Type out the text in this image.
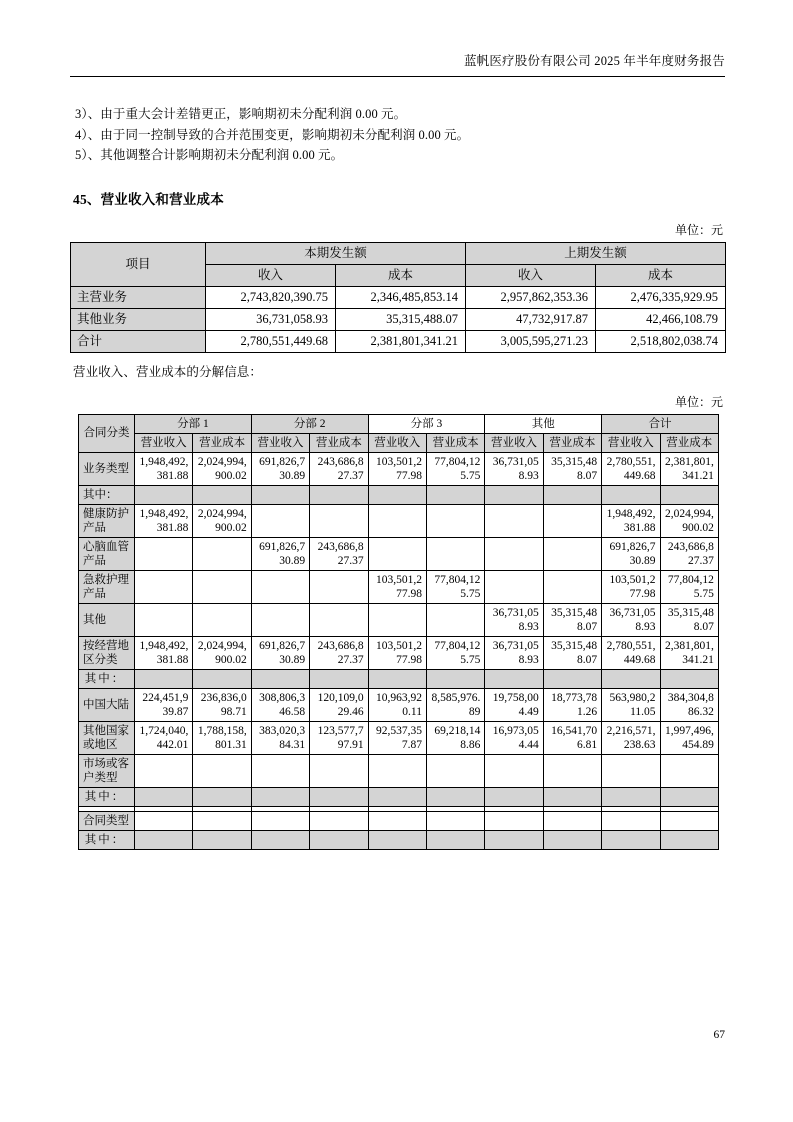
蓝帆医疗股份有限公司 2025 年半年度财务报告

3）、由于重大会计差错更正，影响期初未分配利润 0.00 元。

4）、由于同一控制导致的合并范围变更，影响期初未分配利润 0.00 元。

5）、其他调整合计影响期初未分配利润 0.00 元。

45、营业收入和营业成本
单位：元
项目	本期发生额		上期发生额	
	收入	成本	收入	成本
主营业务	2,743,820,390.75	2,346,485,853.14	2,957,862,353.36	2,476,335,929.95
其他业务	36,731,058.93	35,315,488.07	47,732,917.87	42,466,108.79
合计	2,780,551,449.68	2,381,801,341.21	3,005,595,271.23	2,518,802,038.74

营业收入、营业成本的分解信息：

单位：元
合同分类	分部 1		分部 2		分部 3		其他		合计	
	营业收入	营业成本	营业收入	营业成本	营业收入	营业成本	营业收入	营业成本	营业收入	营业成本
业务类型	1,948,492,381.88	2,024,994,900.02	691,826,730.89	243,686,827.37	103,501,277.98	77,804,125.75	36,731,058.93	35,315,488.07	2,780,551,449.68	2,381,801,341.21
其中：										
健康防护产品	1,948,492,381.88	2,024,994,900.02							1,948,492,381.88	2,024,994,900.02
心脑血管产品			691,826,730.89	243,686,827.37					691,826,730.89	243,686,827.37
急救护理产品					103,501,277.98	77,804,125.75			103,501,277.98	77,804,125.75
其他							36,731,058.93	35,315,488.07	36,731,058.93	35,315,488.07
按经营地区分类	1,948,492,381.88	2,024,994,900.02	691,826,730.89	243,686,827.37	103,501,277.98	77,804,125.75	36,731,058.93	35,315,488.07	2,780,551,449.68	2,381,801,341.21
其中：										
中国大陆	224,451,939.87	236,836,098.71	308,806,346.58	120,109,029.46	10,963,920.11	8,585,976.89	19,758,004.49	18,773,781.26	563,980,211.05	384,304,886.32
其他国家或地区	1,724,040,442.01	1,788,158,801.31	383,020,384.31	123,577,797.91	92,537,357.87	69,218,148.86	16,973,054.44	16,541,706.81	2,216,571,238.63	1,997,496,454.89
市场或客户类型										
其中：										

合同类型										
其中：										
67
